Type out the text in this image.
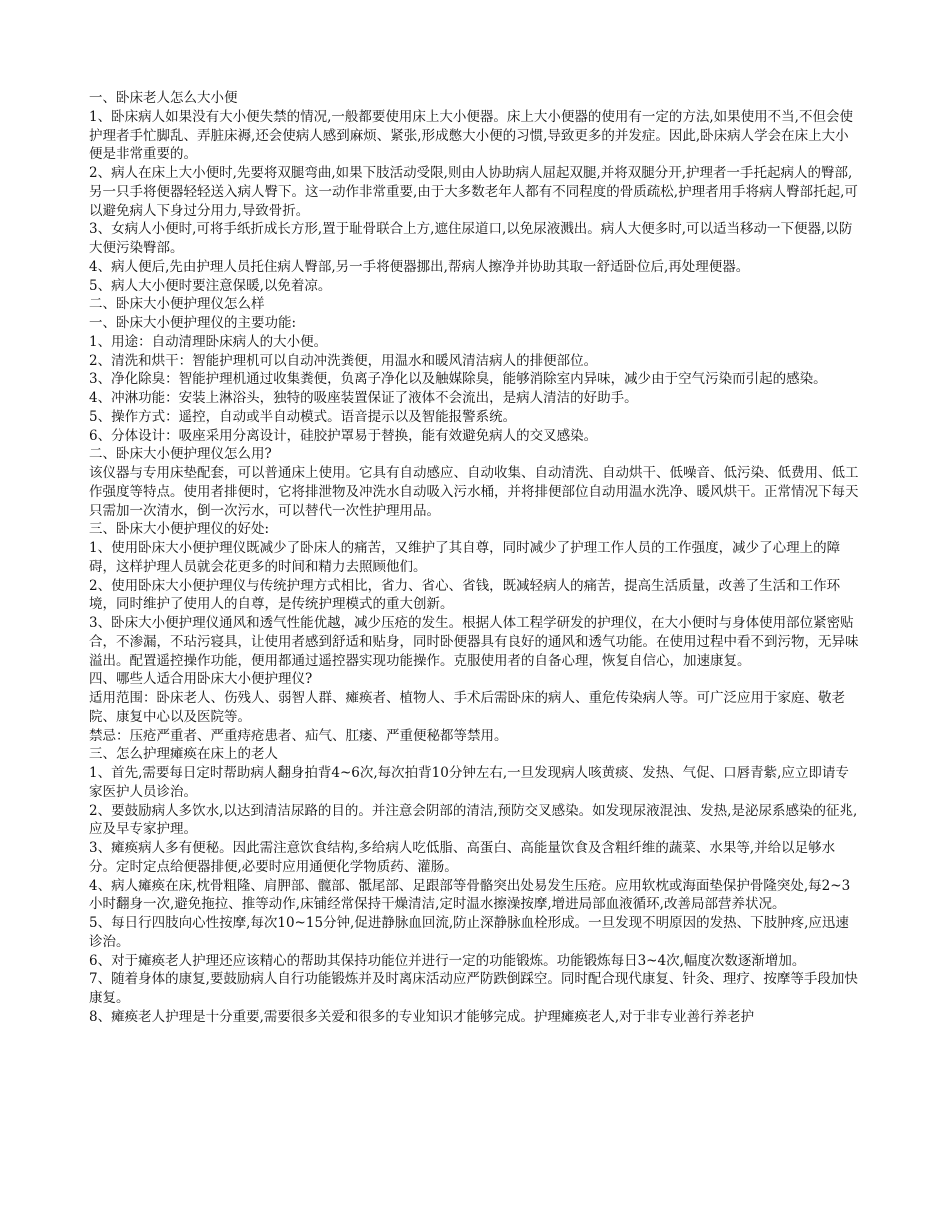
一、卧床老人怎么大小便

1、卧床病人如果没有大小便失禁的情况,一般都要使用床上大小便器。床上大小便器的使用有一定的方法,如果使用不当,不但会使护理者手忙脚乱、弄脏床褥,还会使病人感到麻烦、紧张,形成憋大小便的习惯,导致更多的并发症。因此,卧床病人学会在床上大小便是非常重要的。

2、病人在床上大小便时,先要将双腿弯曲,如果下肢活动受限,则由人协助病人屈起双腿,并将双腿分开,护理者一手托起病人的臀部,另一只手将便器轻轻送入病人臀下。这一动作非常重要,由于大多数老年人都有不同程度的骨质疏松,护理者用手将病人臀部托起,可以避免病人下身过分用力,导致骨折。

3、女病人小便时,可将手纸折成长方形,置于耻骨联合上方,遮住尿道口,以免尿液溅出。病人大便多时,可以适当移动一下便器,以防大便污染臀部。

4、病人便后,先由护理人员托住病人臀部,另一手将便器挪出,帮病人擦净并协助其取一舒适卧位后,再处理便器。

5、病人大小便时要注意保暖,以免着凉。

二、卧床大小便护理仪怎么样

一、卧床大小便护理仪的主要功能:

1、用途：自动清理卧床病人的大小便。

2、清洗和烘干：智能护理机可以自动冲洗粪便，用温水和暖风清洁病人的排便部位。

3、净化除臭：智能护理机通过收集粪便，负离子净化以及触媒除臭，能够消除室内异味，减少由于空气污染而引起的感染。

4、冲淋功能：安装上淋浴头，独特的吸座装置保证了液体不会流出，是病人清洁的好助手。

5、操作方式：遥控，自动或半自动模式。语音提示以及智能报警系统。

6、分体设计：吸座采用分离设计，硅胶护罩易于替换，能有效避免病人的交叉感染。

二、卧床大小便护理仪怎么用?

该仪器与专用床垫配套，可以普通床上使用。它具有自动感应、自动收集、自动清洗、自动烘干、低噪音、低污染、低费用、低工作强度等特点。使用者排便时，它将排泄物及冲洗水自动吸入污水桶，并将排便部位自动用温水洗净、暖风烘干。正常情况下每天只需加一次清水，倒一次污水，可以替代一次性护理用品。

三、卧床大小便护理仪的好处:

1、使用卧床大小便护理仪既减少了卧床人的痛苦，又维护了其自尊，同时减少了护理工作人员的工作强度，减少了心理上的障碍，这样护理人员就会花更多的时间和精力去照顾他们。

2、使用卧床大小便护理仪与传统护理方式相比，省力、省心、省钱，既减轻病人的痛苦，提高生活质量，改善了生活和工作环境，同时维护了使用人的自尊，是传统护理模式的重大创新。

3、卧床大小便护理仪通风和透气性能优越，减少压疮的发生。根据人体工程学研发的护理仪，在大小便时与身体使用部位紧密贴合，不渗漏，不玷污寝具，让使用者感到舒适和贴身，同时卧便器具有良好的通风和透气功能。在使用过程中看不到污物，无异味溢出。配置遥控操作功能，便用都通过遥控器实现功能操作。克服使用者的自备心理，恢复自信心，加速康复。

四、哪些人适合用卧床大小便护理仪?

适用范围：卧床老人、伤残人、弱智人群、瘫痪者、植物人、手术后需卧床的病人、重危传染病人等。可广泛应用于家庭、敬老院、康复中心以及医院等。

禁忌：压疮严重者、严重痔疮患者、疝气、肛瘘、严重便秘都等禁用。

三、怎么护理瘫痪在床上的老人

1、首先,需要每日定时帮助病人翻身拍背4~6次,每次拍背10分钟左右,一旦发现病人咳黄痰、发热、气促、口唇青紫,应立即请专家医护人员诊治。

2、要鼓励病人多饮水,以达到清洁尿路的目的。并注意会阴部的清洁,预防交叉感染。如发现尿液混浊、发热,是泌尿系感染的征兆,应及早专家护理。

3、瘫痪病人多有便秘。因此需注意饮食结构,多给病人吃低脂、高蛋白、高能量饮食及含粗纤维的蔬菜、水果等,并给以足够水分。定时定点给便器排便,必要时应用通便化学物质药、灌肠。

4、病人瘫痪在床,枕骨粗隆、肩胛部、髋部、骶尾部、足跟部等骨骼突出处易发生压疮。应用软枕或海面垫保护骨隆突处,每2~3小时翻身一次,避免拖拉、推等动作,床铺经常保持干燥清洁,定时温水擦澡按摩,增进局部血液循环,改善局部营养状况。

5、每日行四肢向心性按摩,每次10~15分钟,促进静脉血回流,防止深静脉血栓形成。一旦发现不明原因的发热、下肢肿疼,应迅速诊治。

6、对于瘫痪老人护理还应该精心的帮助其保持功能位并进行一定的功能锻炼。功能锻炼每日3~4次,幅度次数逐渐增加。

7、随着身体的康复,要鼓励病人自行功能锻炼并及时离床活动应严防跌倒踩空。同时配合现代康复、针灸、理疗、按摩等手段加快康复。

8、瘫痪老人护理是十分重要,需要很多关爱和很多的专业知识才能够完成。护理瘫痪老人,对于非专业善行养老护
